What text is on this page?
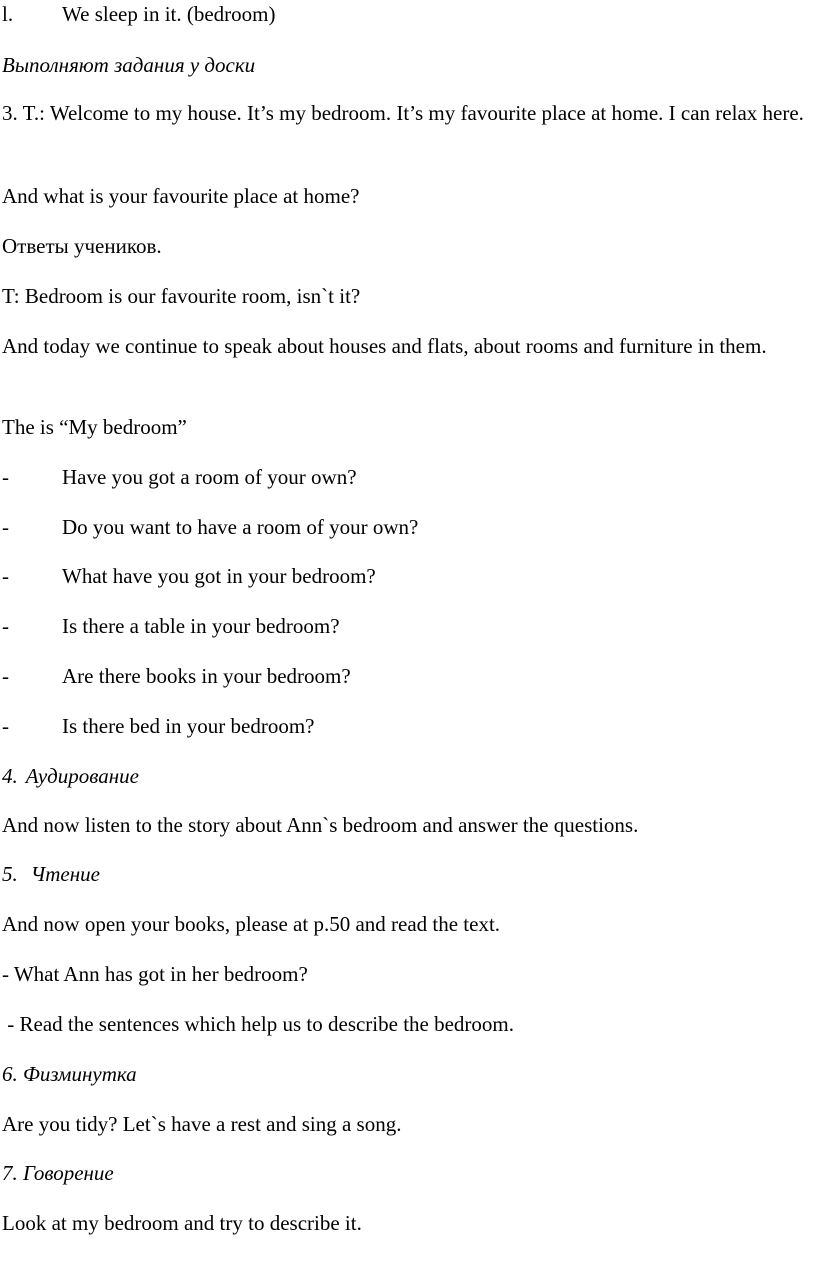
l. We sleep in it. (bedroom)
Выполняют задания у доски
3. T.: Welcome to my house. It’s my bedroom. It’s my favourite place at home. I can relax here.
And what is your favourite place at home?
Ответы учеников.
T: Bedroom is our favourite room, isn`t it?
And today we continue to speak about houses and flats, about rooms and furniture in them.
The is “My bedroom”
-	Have you got a room of your own?
-	Do you want to have a room of your own?
-	What have you got in your bedroom?
-	Is there a table in your bedroom?
-	Are there books in your bedroom?
-	Is there bed in your bedroom?
4. Аудирование
And now listen to the story about Ann`s bedroom and answer the questions.
5. Чтение
And now open your books, please at p.50 and read the text.
- What Ann has got in her bedroom?
- Read the sentences which help us to describe the bedroom.
6. Физминутка
Are you tidy? Let`s have a rest and sing a song.
7. Говорение
Look at my bedroom and try to describe it.
